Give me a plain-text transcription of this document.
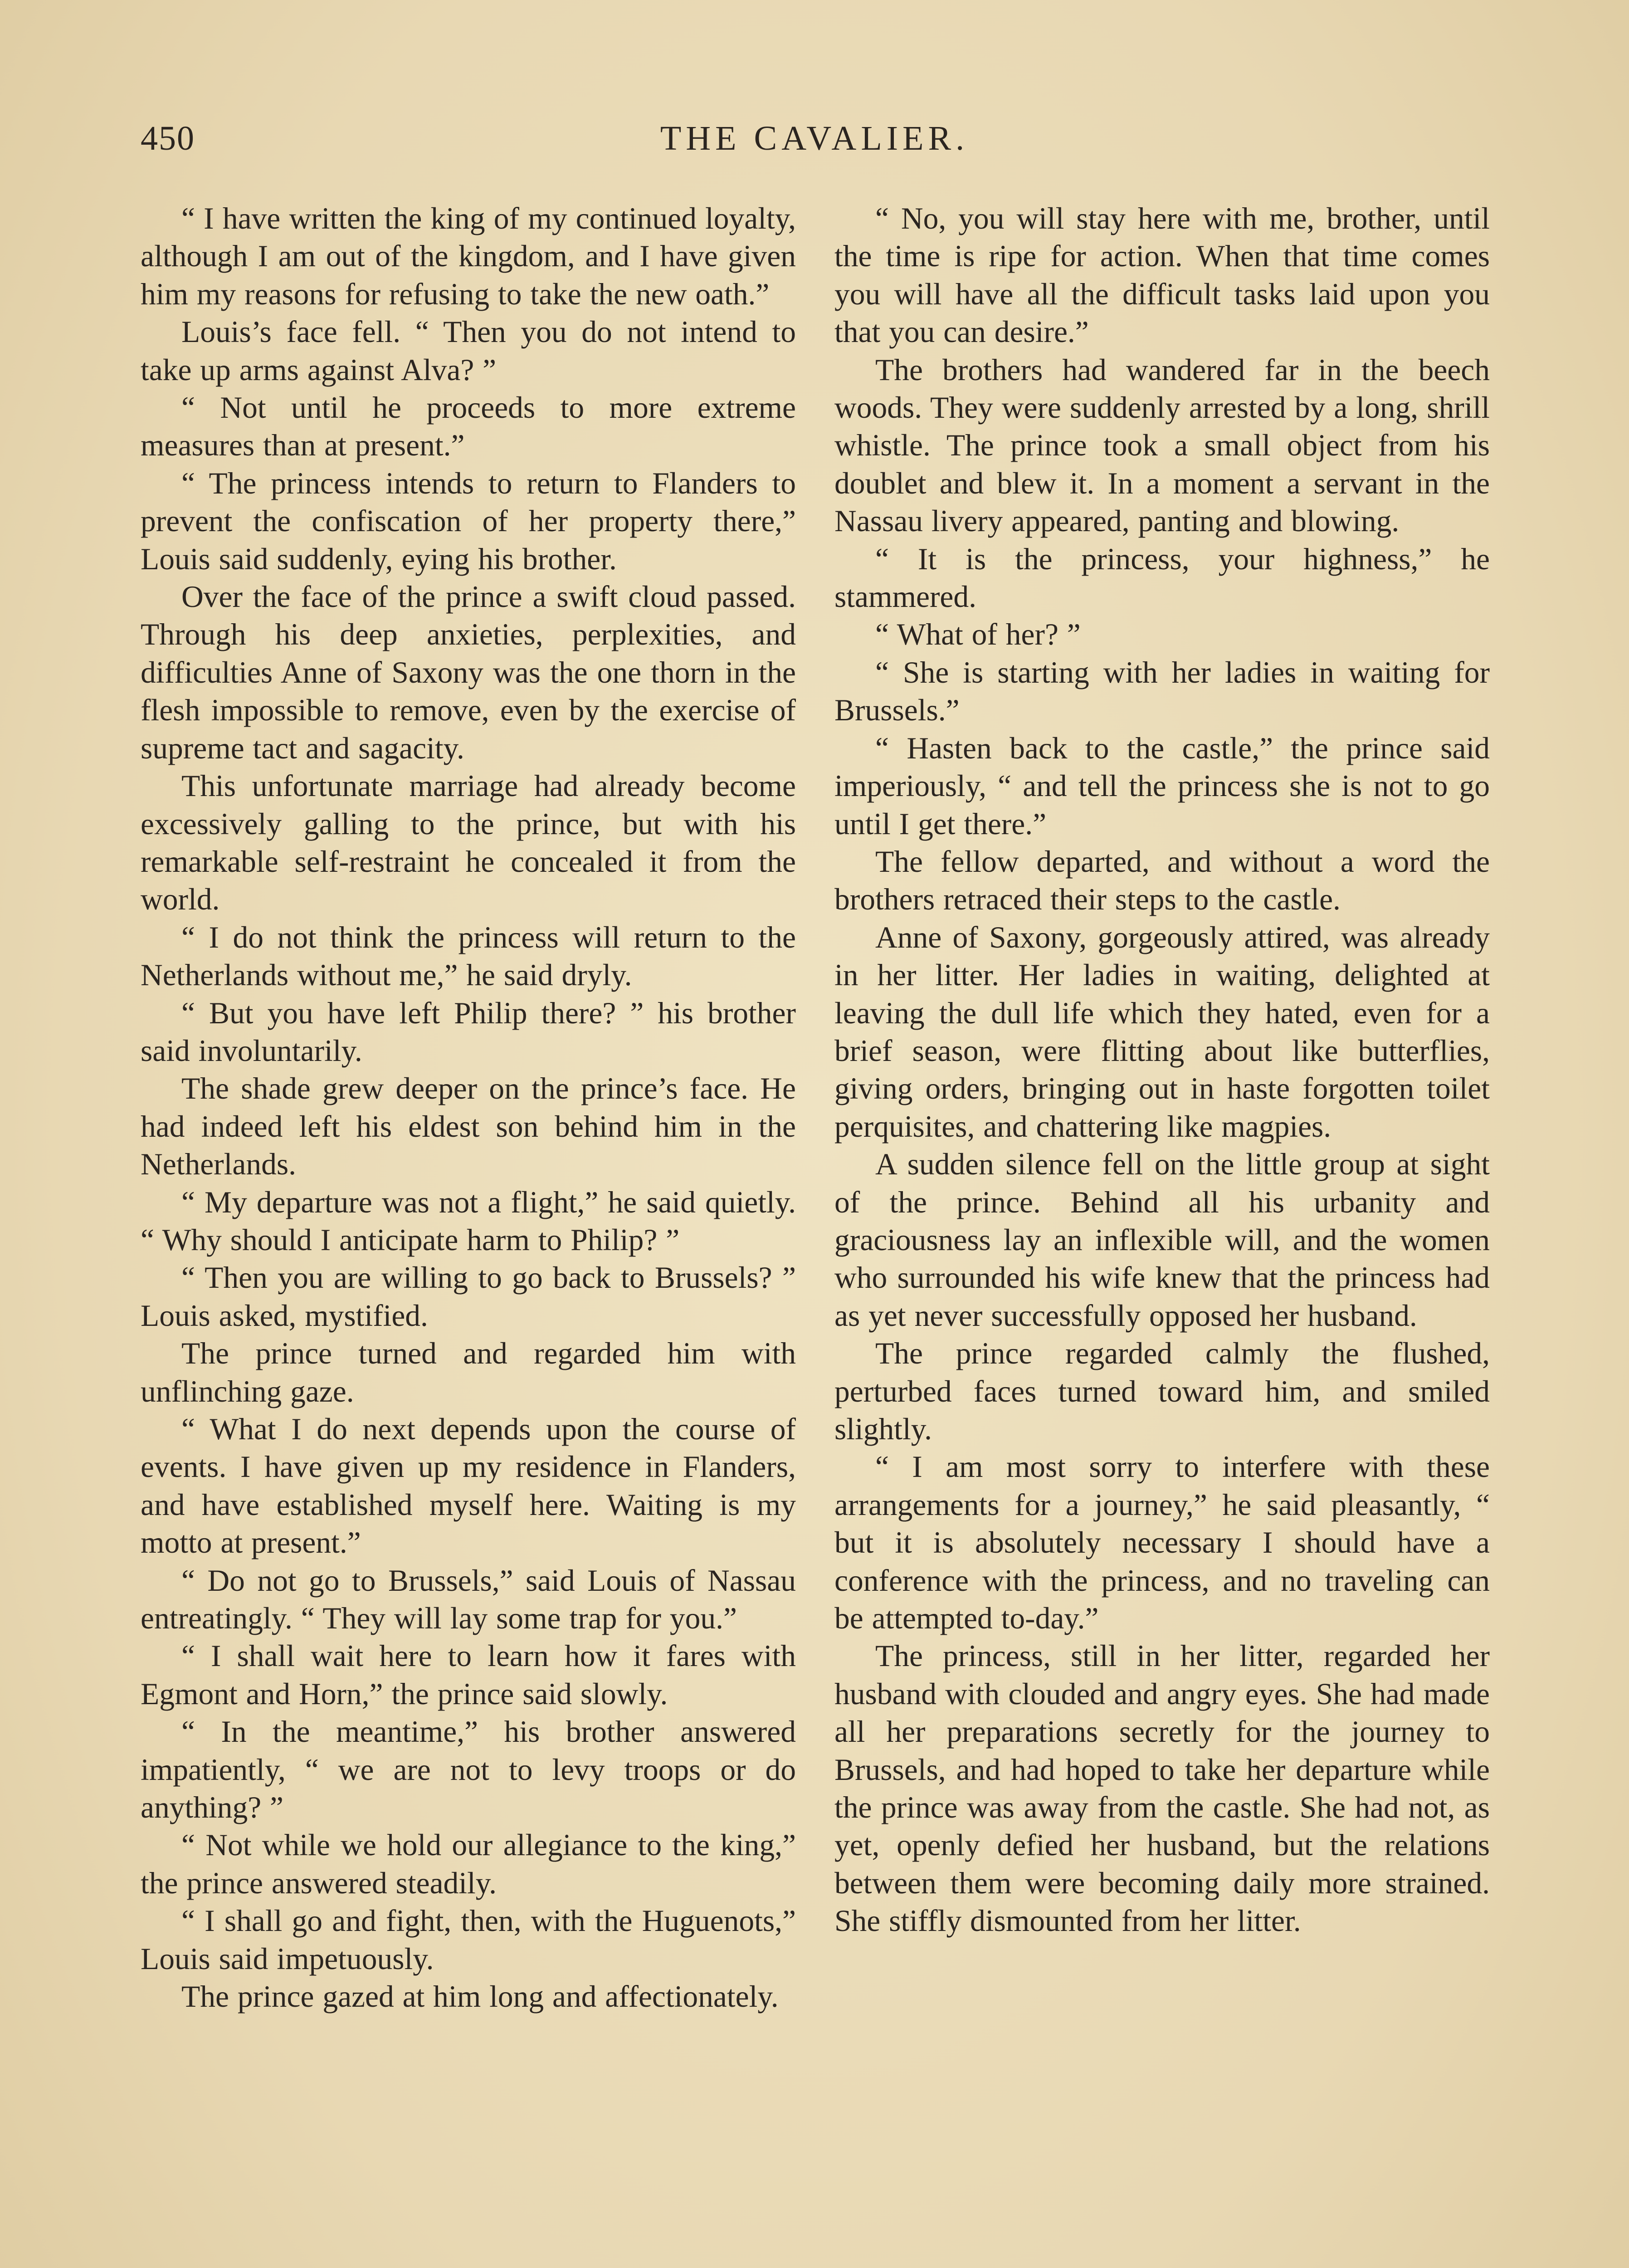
450	THE CAVALIER.

“ I have written the king of my continued loyalty, although I am out of the kingdom, and I have given him my reasons for refusing to take the new oath.”

Louis’s face fell. “ Then you do not intend to take up arms against Alva? ”

“ Not until he proceeds to more extreme measures than at present.”

“ The princess intends to return to Flanders to prevent the confiscation of her property there,” Louis said suddenly, eying his brother.

Over the face of the prince a swift cloud passed. Through his deep anxieties, perplexities, and difficulties Anne of Saxony was the one thorn in the flesh impossible to remove, even by the exercise of supreme tact and sagacity.

This unfortunate marriage had already become excessively galling to the prince, but with his remarkable self-restraint he concealed it from the world.

“ I do not think the princess will return to the Netherlands without me,” he said dryly.

“ But you have left Philip there? ” his brother said involuntarily.

The shade grew deeper on the prince’s face. He had indeed left his eldest son behind him in the Netherlands.

“ My departure was not a flight,” he said quietly. “ Why should I anticipate harm to Philip? ”

“ Then you are willing to go back to Brussels? ” Louis asked, mystified.

The prince turned and regarded him with unflinching gaze.

“ What I do next depends upon the course of events. I have given up my residence in Flanders, and have established myself here. Waiting is my motto at present.”

“ Do not go to Brussels,” said Louis of Nassau entreatingly. “ They will lay some trap for you.”

“ I shall wait here to learn how it fares with Egmont and Horn,” the prince said slowly.

“ In the meantime,” his brother answered impatiently, “ we are not to levy troops or do anything? ”

“ Not while we hold our allegiance to the king,” the prince answered steadily.

“ I shall go and fight, then, with the Huguenots,” Louis said impetuously.

The prince gazed at him long and affectionately.

“ No, you will stay here with me, brother, until the time is ripe for action. When that time comes you will have all the difficult tasks laid upon you that you can desire.”

The brothers had wandered far in the beech woods. They were suddenly arrested by a long, shrill whistle. The prince took a small object from his doublet and blew it. In a moment a servant in the Nassau livery appeared, panting and blowing.

“ It is the princess, your highness,” he stammered.

“ What of her? ”

“ She is starting with her ladies in waiting for Brussels.”

“ Hasten back to the castle,” the prince said imperiously, “ and tell the princess she is not to go until I get there.”

The fellow departed, and without a word the brothers retraced their steps to the castle.

Anne of Saxony, gorgeously attired, was already in her litter. Her ladies in waiting, delighted at leaving the dull life which they hated, even for a brief season, were flitting about like butterflies, giving orders, bringing out in haste forgotten toilet perquisites, and chattering like magpies.

A sudden silence fell on the little group at sight of the prince. Behind all his urbanity and graciousness lay an inflexible will, and the women who surrounded his wife knew that the princess had as yet never successfully opposed her husband.

The prince regarded calmly the flushed, perturbed faces turned toward him, and smiled slightly.

“ I am most sorry to interfere with these arrangements for a journey,” he said pleasantly, “ but it is absolutely necessary I should have a conference with the princess, and no traveling can be attempted to-day.”

The princess, still in her litter, regarded her husband with clouded and angry eyes. She had made all her preparations secretly for the journey to Brussels, and had hoped to take her departure while the prince was away from the castle. She had not, as yet, openly defied her husband, but the relations between them were becoming daily more strained. She stiffly dismounted from her litter.
